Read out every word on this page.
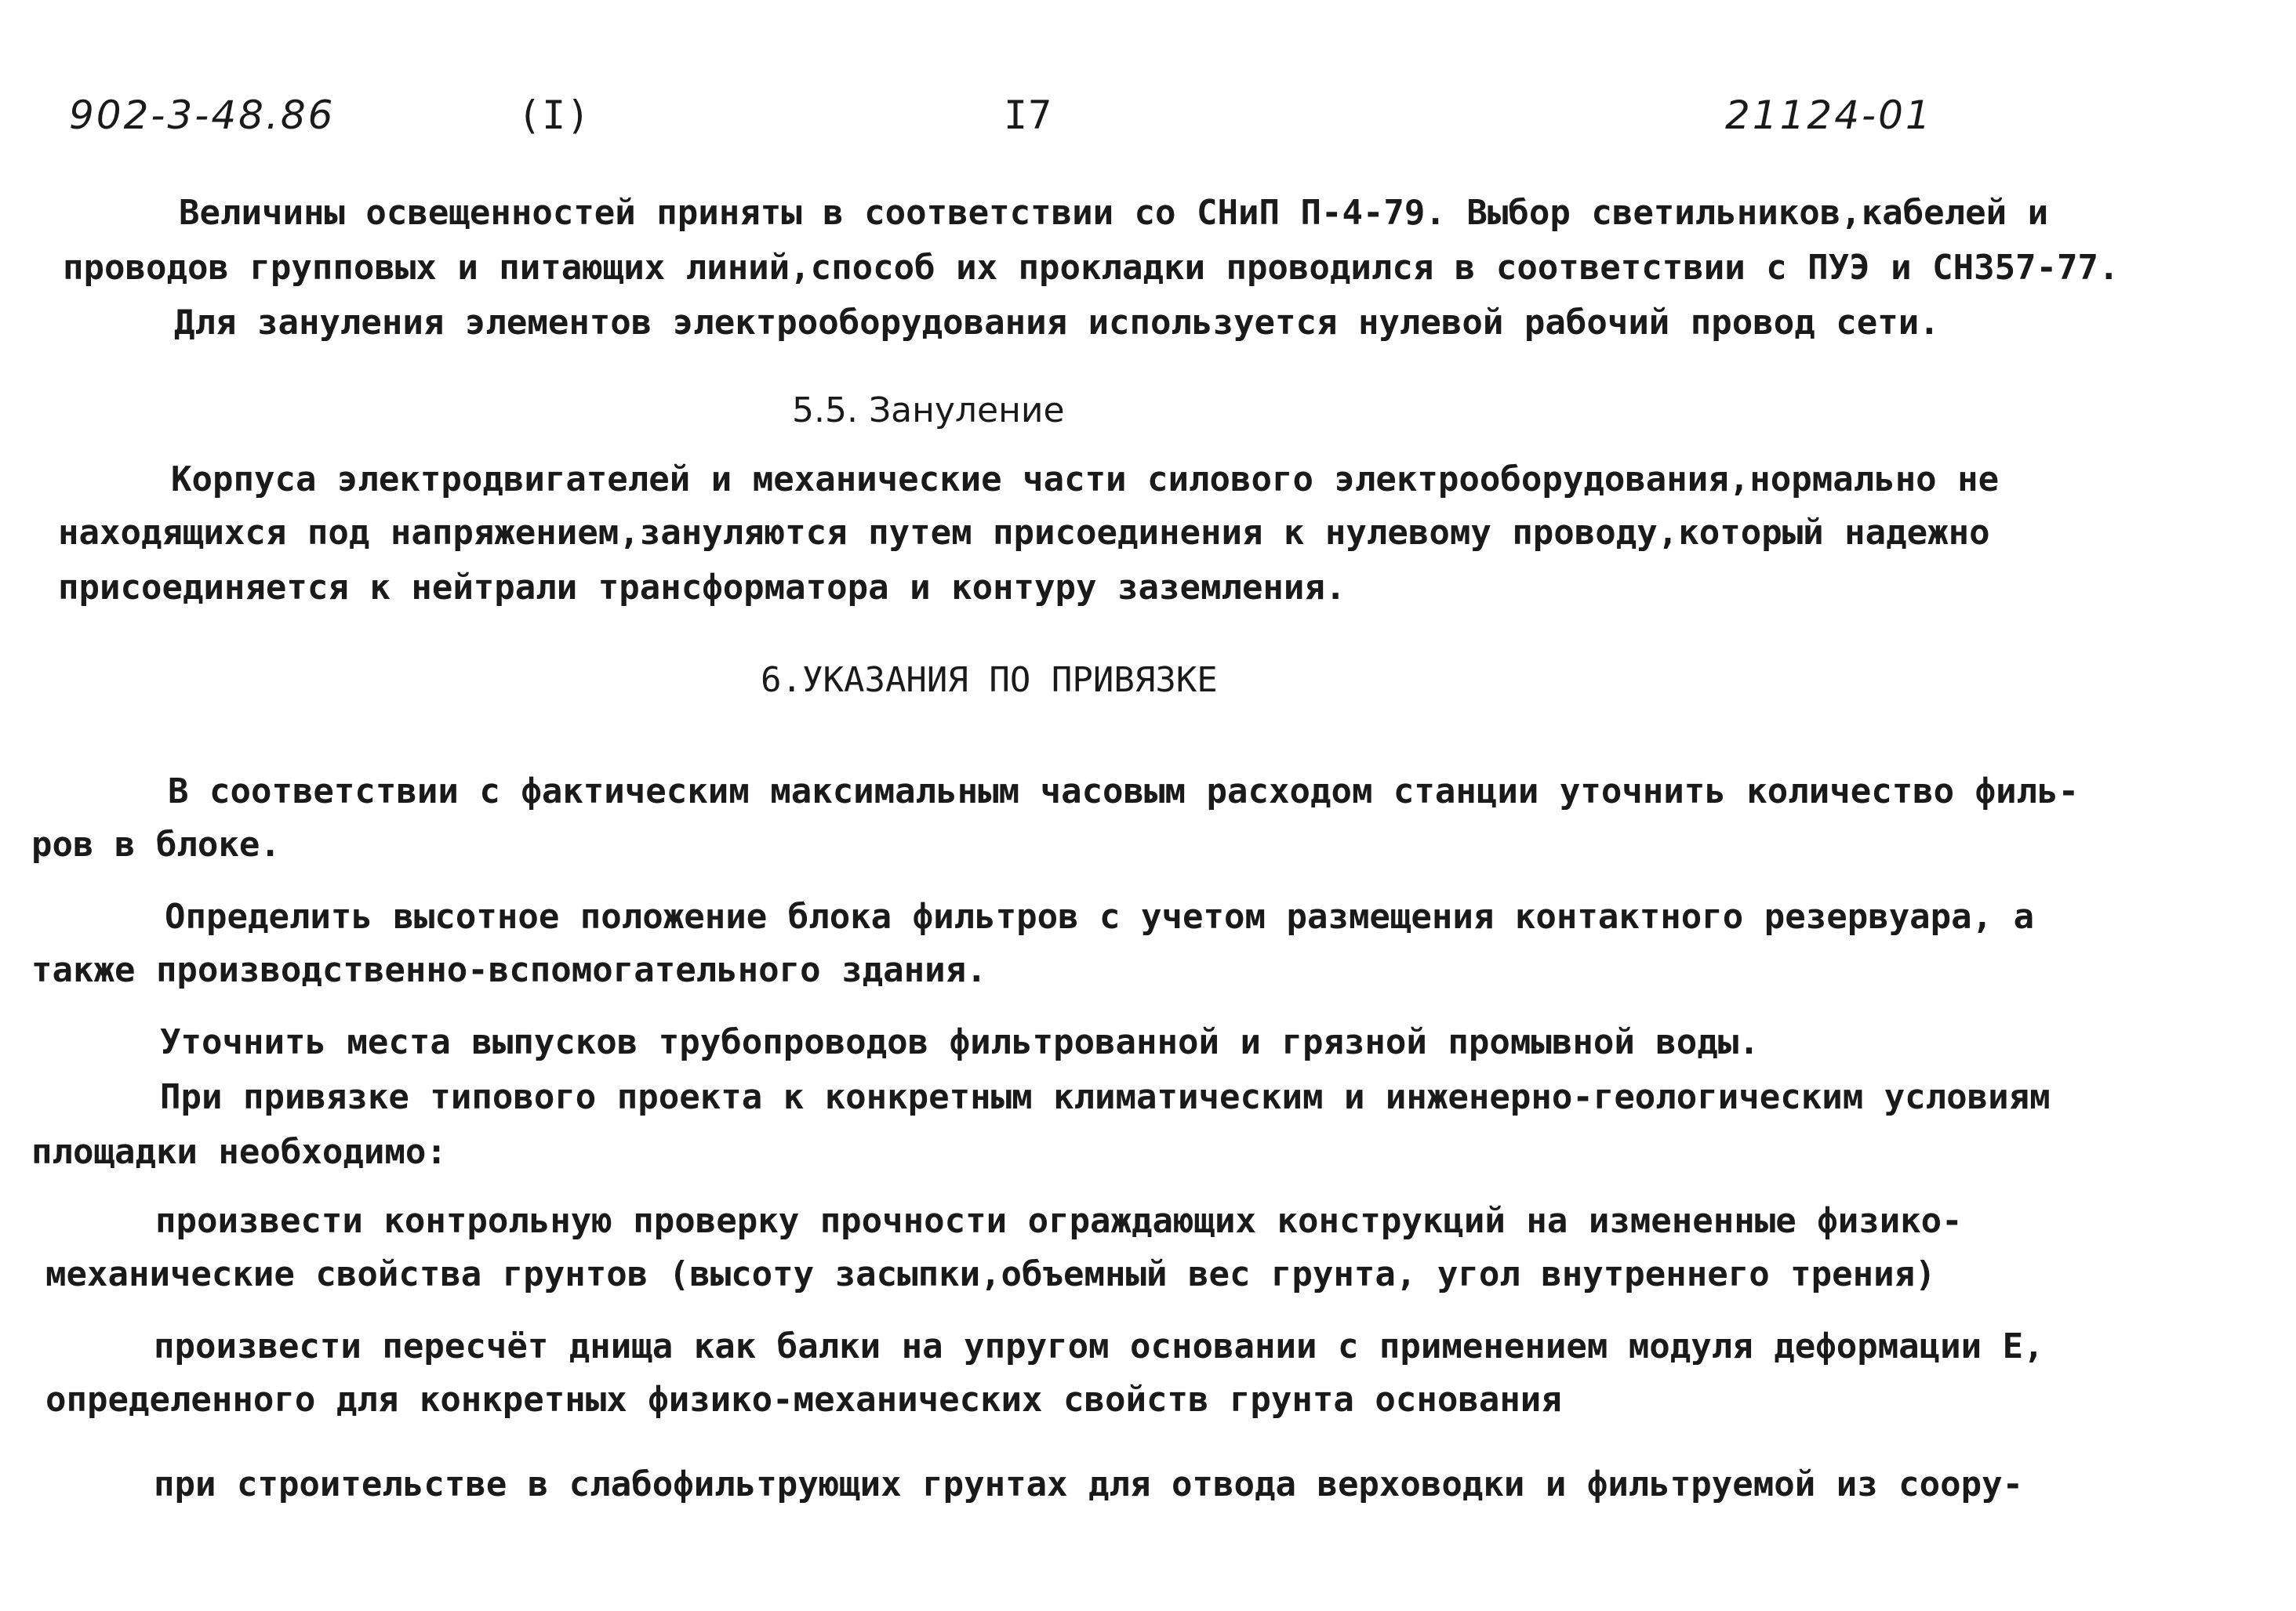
902-3-48.86	(I)	I7	21124-01
Величины освещенностей приняты в соответствии со СНиП П-4-79. Выбор светильников,кабелей и
проводов групповых и питающих линий,способ их прокладки проводился в соответствии с ПУЭ и СН357-77.
Для зануления элементов электрооборудования используется нулевой рабочий провод сети.
5.5. Зануление
Корпуса электродвигателей и механические части силового электрооборудования,нормально не
находящихся под напряжением,зануляются путем присоединения к нулевому проводу,который надежно
присоединяется к нейтрали трансформатора и контуру заземления.
6.УКАЗАНИЯ ПО ПРИВЯЗКЕ
В соответствии с фактическим максимальным часовым расходом станции уточнить количество филь-
ров в блоке.
Определить высотное положение блока фильтров с учетом размещения контактного резервуара, а
также производственно-вспомогательного здания.
Уточнить места выпусков трубопроводов фильтрованной и грязной промывной воды.
При привязке типового проекта к конкретным климатическим и инженерно-геологическим условиям
площадки необходимо:
произвести контрольную проверку прочности ограждающих конструкций на измененные физико-
механические свойства грунтов (высоту засыпки,объемный вес грунта, угол внутреннего трения)
произвести пересчёт днища как балки на упругом основании с применением модуля деформации Е,
определенного для конкретных физико-механических свойств грунта основания
при строительстве в слабофильтрующих грунтах для отвода верховодки и фильтруемой из соору-
